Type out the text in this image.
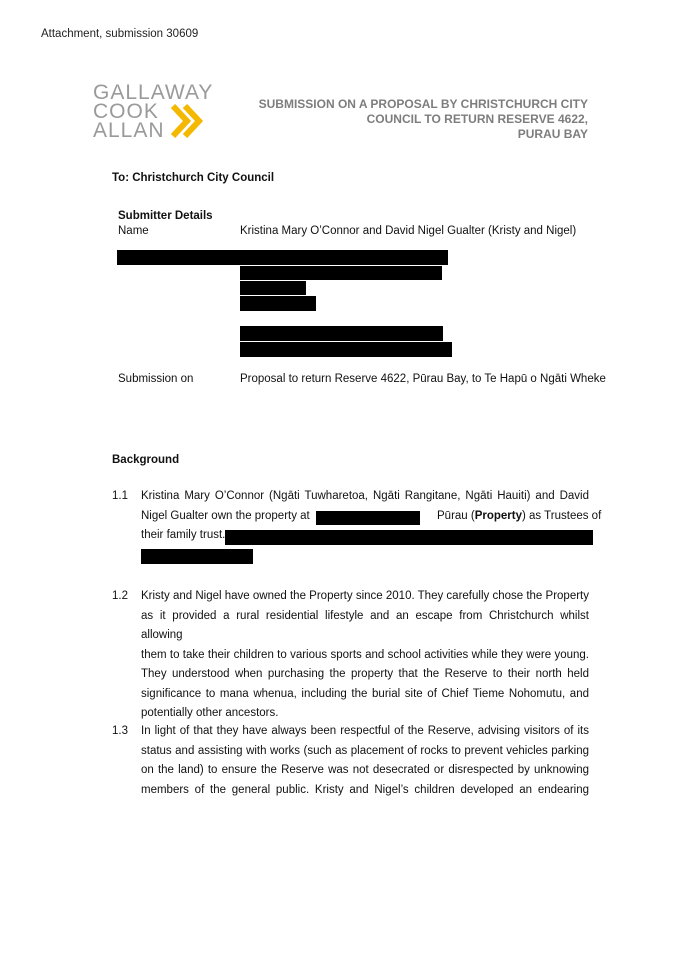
Attachment, submission 30609
GALLAWAY
COOK
ALLAN
SUBMISSION ON A PROPOSAL BY CHRISTCHURCH CITY
COUNCIL TO RETURN RESERVE 4622,
PURAU BAY
To: Christchurch City Council
Submitter Details
Name	Kristina Mary O’Connor and David Nigel Gualter (Kristy and Nigel)
Submission on	Proposal to return Reserve 4622, Pūrau Bay, to Te Hapū o Ngāti Wheke
Background
1.1 Kristina Mary O’Connor (Ngāti Tuwharetoa, Ngāti Rangitane, Ngāti Hauiti) and David
Nigel Gualter own the property at	Pūrau (Property) as Trustees of
their family trust.
1.2 Kristy and Nigel have owned the Property since 2010. They carefully chose the Property
as it provided a rural residential lifestyle and an escape from Christchurch whilst allowing
them to take their children to various sports and school activities while they were young.
They understood when purchasing the property that the Reserve to their north held
significance to mana whenua, including the burial site of Chief Tieme Nohomutu, and
potentially other ancestors.
1.3 In light of that they have always been respectful of the Reserve, advising visitors of its
status and assisting with works (such as placement of rocks to prevent vehicles parking
on the land) to ensure the Reserve was not desecrated or disrespected by unknowing
members of the general public. Kristy and Nigel’s children developed an endearing
